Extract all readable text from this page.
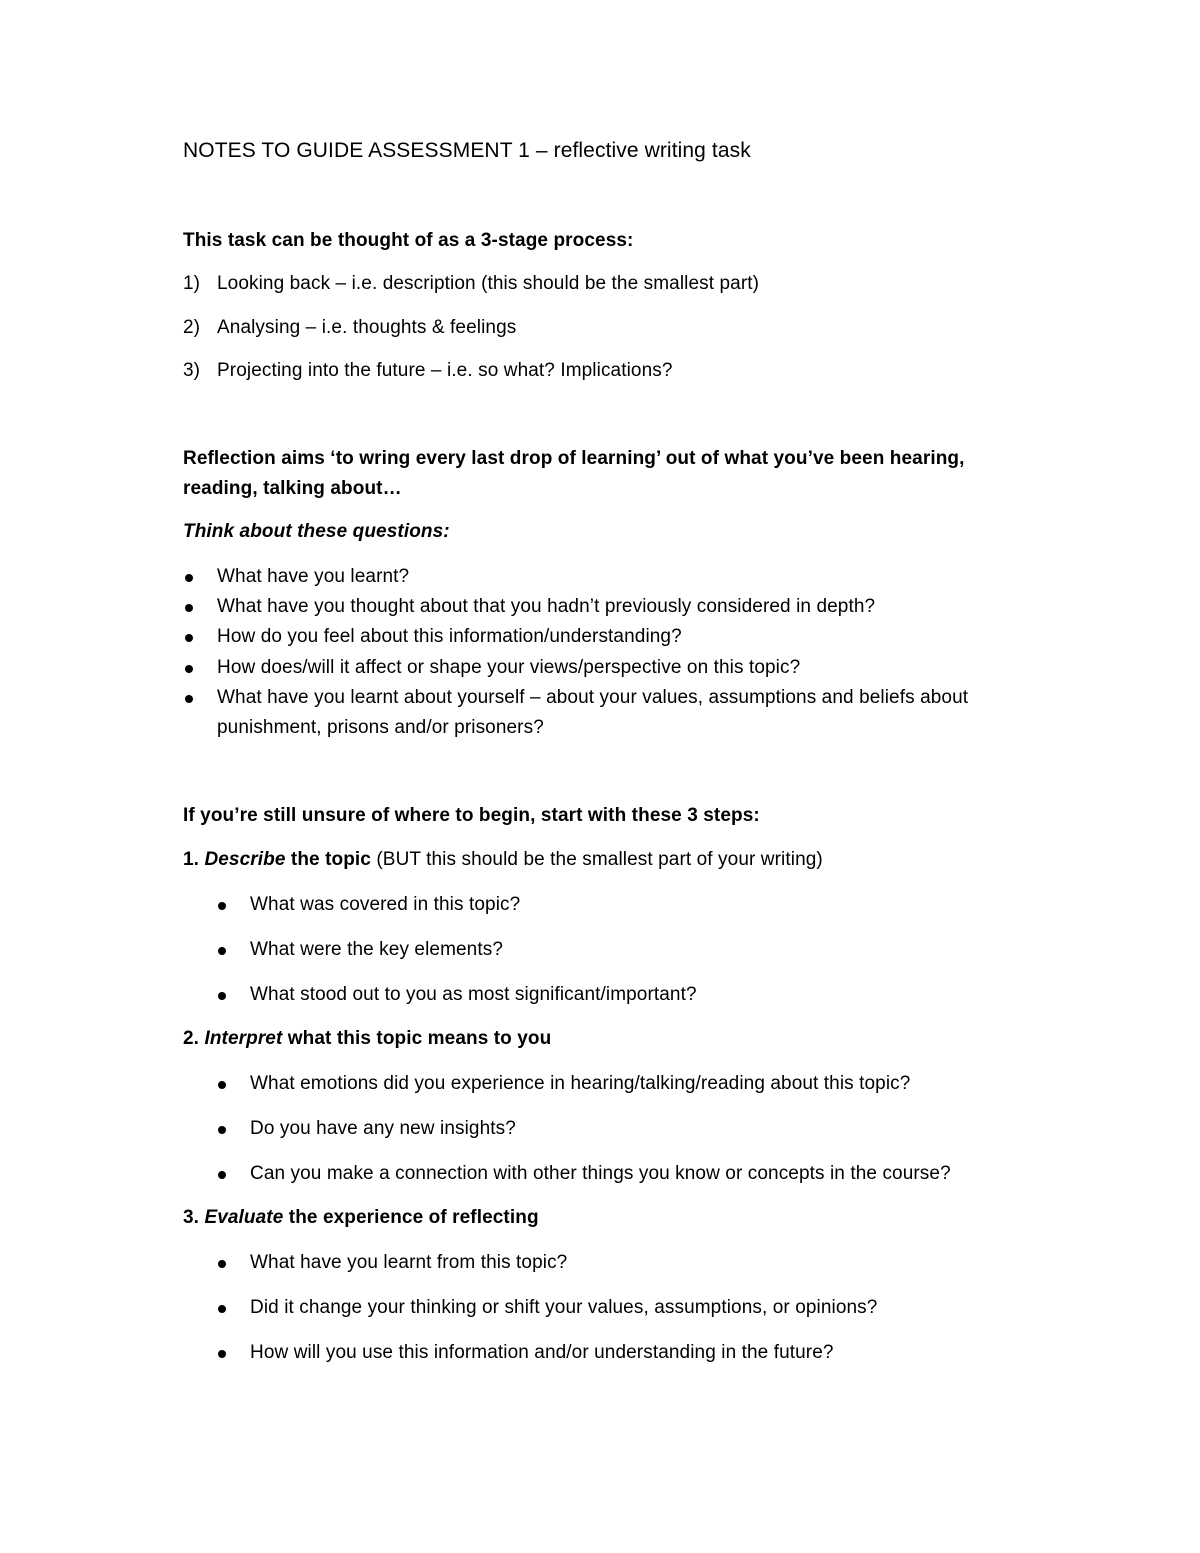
NOTES TO GUIDE ASSESSMENT 1 – reflective writing task
This task can be thought of as a 3-stage process:
1) Looking back – i.e. description (this should be the smallest part)
2) Analysing – i.e. thoughts & feelings
3) Projecting into the future – i.e. so what? Implications?
Reflection aims ‘to wring every last drop of learning’ out of what you’ve been hearing,
reading, talking about…
Think about these questions:
What have you learnt?
What have you thought about that you hadn’t previously considered in depth?
How do you feel about this information/understanding?
How does/will it affect or shape your views/perspective on this topic?
What have you learnt about yourself – about your values, assumptions and beliefs about
punishment, prisons and/or prisoners?
If you’re still unsure of where to begin, start with these 3 steps:
1. Describe the topic (BUT this should be the smallest part of your writing)
What was covered in this topic?
What were the key elements?
What stood out to you as most significant/important?
2. Interpret what this topic means to you
What emotions did you experience in hearing/talking/reading about this topic?
Do you have any new insights?
Can you make a connection with other things you know or concepts in the course?
3. Evaluate the experience of reflecting
What have you learnt from this topic?
Did it change your thinking or shift your values, assumptions, or opinions?
How will you use this information and/or understanding in the future?
